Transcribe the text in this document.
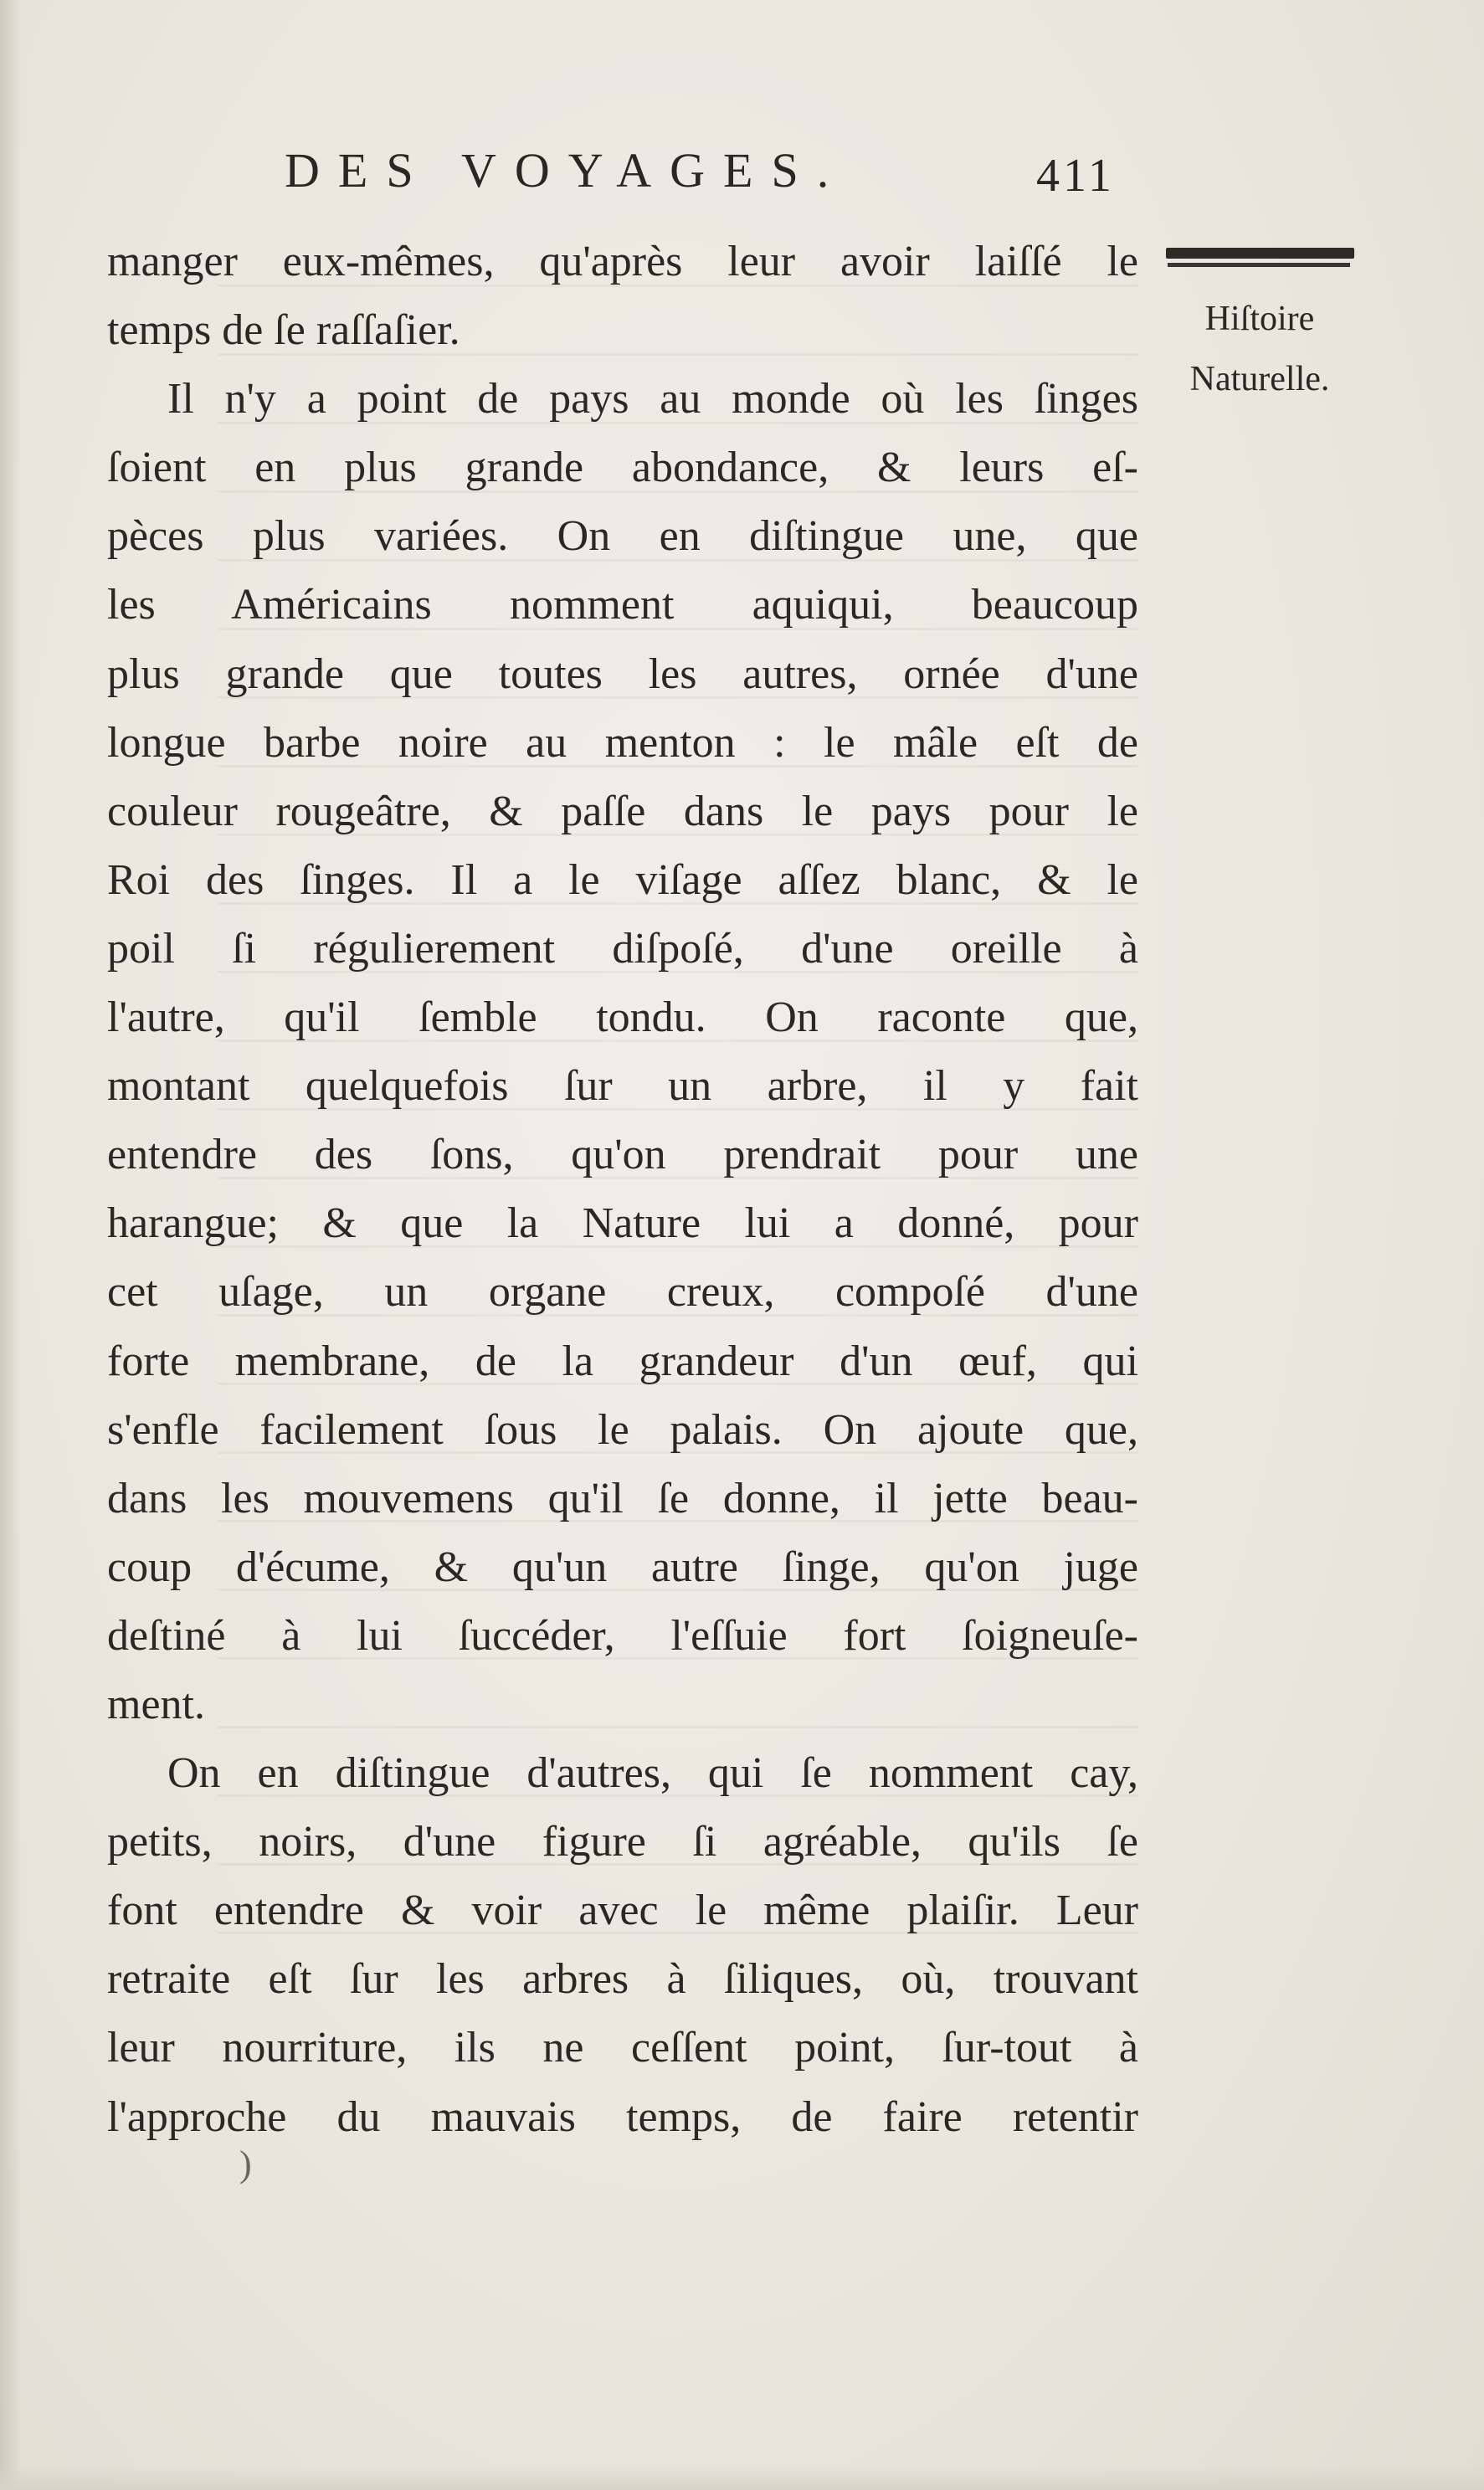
DES VOYAGES.	411
Hiſtoire
Naturelle.
manger eux-mêmes, qu'après leur avoir laiſſé le
temps de ſe raſſaſier.
Il n'y a point de pays au monde où les ſinges
ſoient en plus grande abondance, & leurs eſ-
pèces plus variées. On en diſtingue une, que
les Américains nomment aquiqui, beaucoup
plus grande que toutes les autres, ornée d'une
longue barbe noire au menton : le mâle eſt de
couleur rougeâtre, & paſſe dans le pays pour le
Roi des ſinges. Il a le viſage aſſez blanc, & le
poil ſi régulierement diſpoſé, d'une oreille à
l'autre, qu'il ſemble tondu. On raconte que,
montant quelquefois ſur un arbre, il y fait
entendre des ſons, qu'on prendrait pour une
harangue; & que la Nature lui a donné, pour
cet uſage, un organe creux, compoſé d'une
forte membrane, de la grandeur d'un œuf, qui
s'enfle facilement ſous le palais. On ajoute que,
dans les mouvemens qu'il ſe donne, il jette beau-
coup d'écume, & qu'un autre ſinge, qu'on juge
deſtiné à lui ſuccéder, l'eſſuie fort ſoigneuſe-
ment.
On en diſtingue d'autres, qui ſe nomment cay,
petits, noirs, d'une figure ſi agréable, qu'ils ſe
font entendre & voir avec le même plaiſir. Leur
retraite eſt ſur les arbres à ſiliques, où, trouvant
leur nourriture, ils ne ceſſent point, ſur-tout à
l'approche du mauvais temps, de faire retentir
)
